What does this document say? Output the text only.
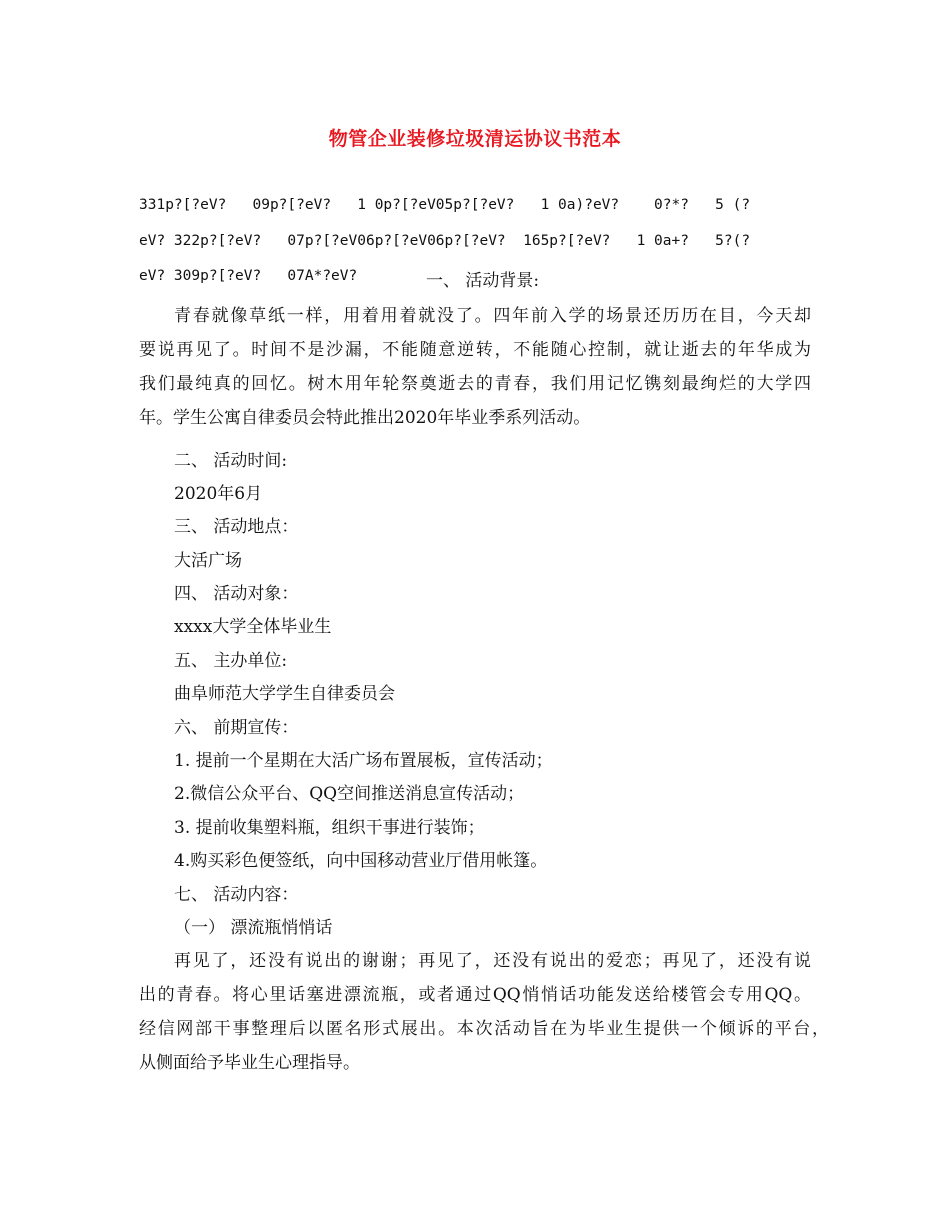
物管企业装修垃圾清运协议书范本
331p?[?eV?   09p?[?eV?   1 0p?[?eV05p?[?eV?   1 0a)?eV?    0?*?   5 (?
eV? 322p?[?eV?   07p?[?eV06p?[?eV06p?[?eV?  165p?[?eV?   1 0a+?   5?(?
eV? 309p?[?eV?   07A*?eV?	一、 活动背景:
青春就像草纸一样，用着用着就没了。四年前入学的场景还历历在目，今天却
要说再见了。时间不是沙漏，不能随意逆转，不能随心控制，就让逝去的年华成为
我们最纯真的回忆。树木用年轮祭奠逝去的青春，我们用记忆镌刻最绚烂的大学四
年。学生公寓自律委员会特此推出2020年毕业季系列活动。
二、 活动时间:
2020年6月
三、 活动地点：
大活广场
四、 活动对象：
xxxx大学全体毕业生
五、 主办单位:
曲阜师范大学学生自律委员会
六、 前期宣传：
1. 提前一个星期在大活广场布置展板，宣传活动；
2.微信公众平台、QQ空间推送消息宣传活动；
3. 提前收集塑料瓶，组织干事进行装饰；
4.购买彩色便签纸，向中国移动营业厅借用帐篷。
七、 活动内容：
（一） 漂流瓶悄悄话
再见了，还没有说出的谢谢；再见了，还没有说出的爱恋；再见了，还没有说
出的青春。将心里话塞进漂流瓶，或者通过QQ悄悄话功能发送给楼管会专用QQ。
经信网部干事整理后以匿名形式展出。本次活动旨在为毕业生提供一个倾诉的平台，
从侧面给予毕业生心理指导。
